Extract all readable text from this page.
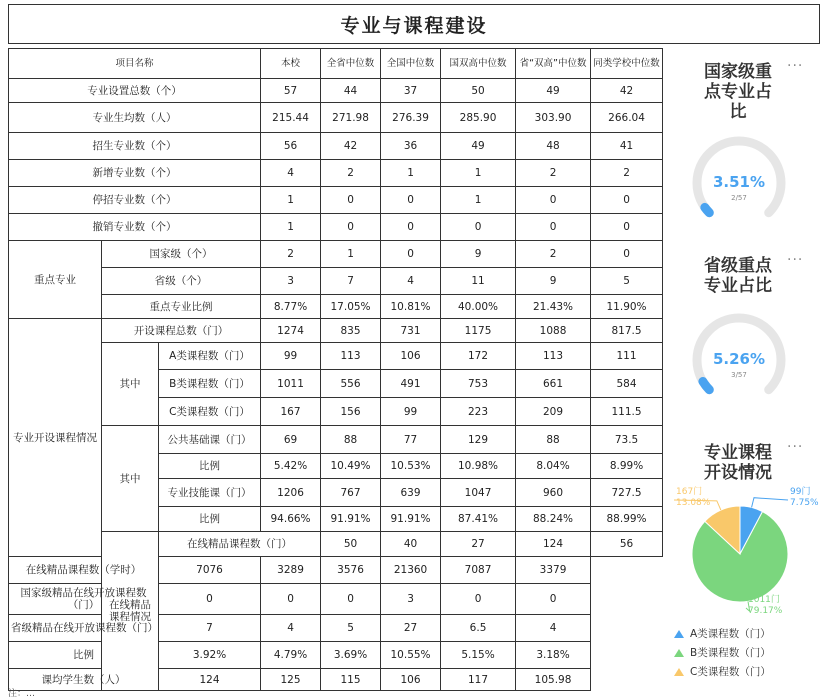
专业与课程建设
项目名称			本校	全省中位数	全国中位数	国双高中位数	省“双高”中位数	同类学校中位数	
专业设置总数（个）			57	44	37	50	49	42	
专业生均数（人）			215.44	271.98	276.39	285.90	303.90	266.04	
招生专业数（个）			56	42	36	49	48	41	
新增专业数（个）			4	2	1	1	2	2	
停招专业数（个）			1	0	0	1	0	0	
撤销专业数（个）			1	0	0	0	0	0	
重点专业	国家级（个）		2	1	0	9	2	0	
	省级（个）		3	7	4	11	9	5	
	重点专业比例		8.77%	17.05%	10.81%	40.00%	21.43%	11.90%	
专业开设课程情况	开设课程总数（门）		1274	835	731	1175	1088	817.5	
	其中	A类课程数（门）	99	113	106	172	113	111	
		B类课程数（门）	1011	556	491	753	661	584	
		C类课程数（门）	167	156	99	223	209	111.5	
	其中	公共基础课（门）	69	88	77	129	88	73.5	
		比例	5.42%	10.49%	10.53%	10.98%	8.04%	8.99%	
		专业技能课（门）	1206	767	639	1047	960	727.5	
		比例	94.66%	91.91%	91.91%	87.41%	88.24%	88.99%	
	在线精品课程情况	在线精品课程数（门）		50	40	27	124	56	
在线精品课程数（学时）		7076	3289	3576	21360	7087	3379		
国家级精品在线开放课程数（门）		0	0	0	3	0	0		
省级精品在线开放课程数（门）		7	4	5	27	6.5	4		
比例		3.92%	4.79%	3.69%	10.55%	5.15%	3.18%		
课均学生数（人）		124	125	115	106	117	105.98		
注：…
国家级重
点专业占
比
···
3.51%
2/57
省级重点
专业占比
···
5.26%
3/57
专业课程
开设情况
···
99门
7.75%
1011门
79.17%
167门
13.08%
A类课程数（门）
B类课程数（门）
C类课程数（门）
